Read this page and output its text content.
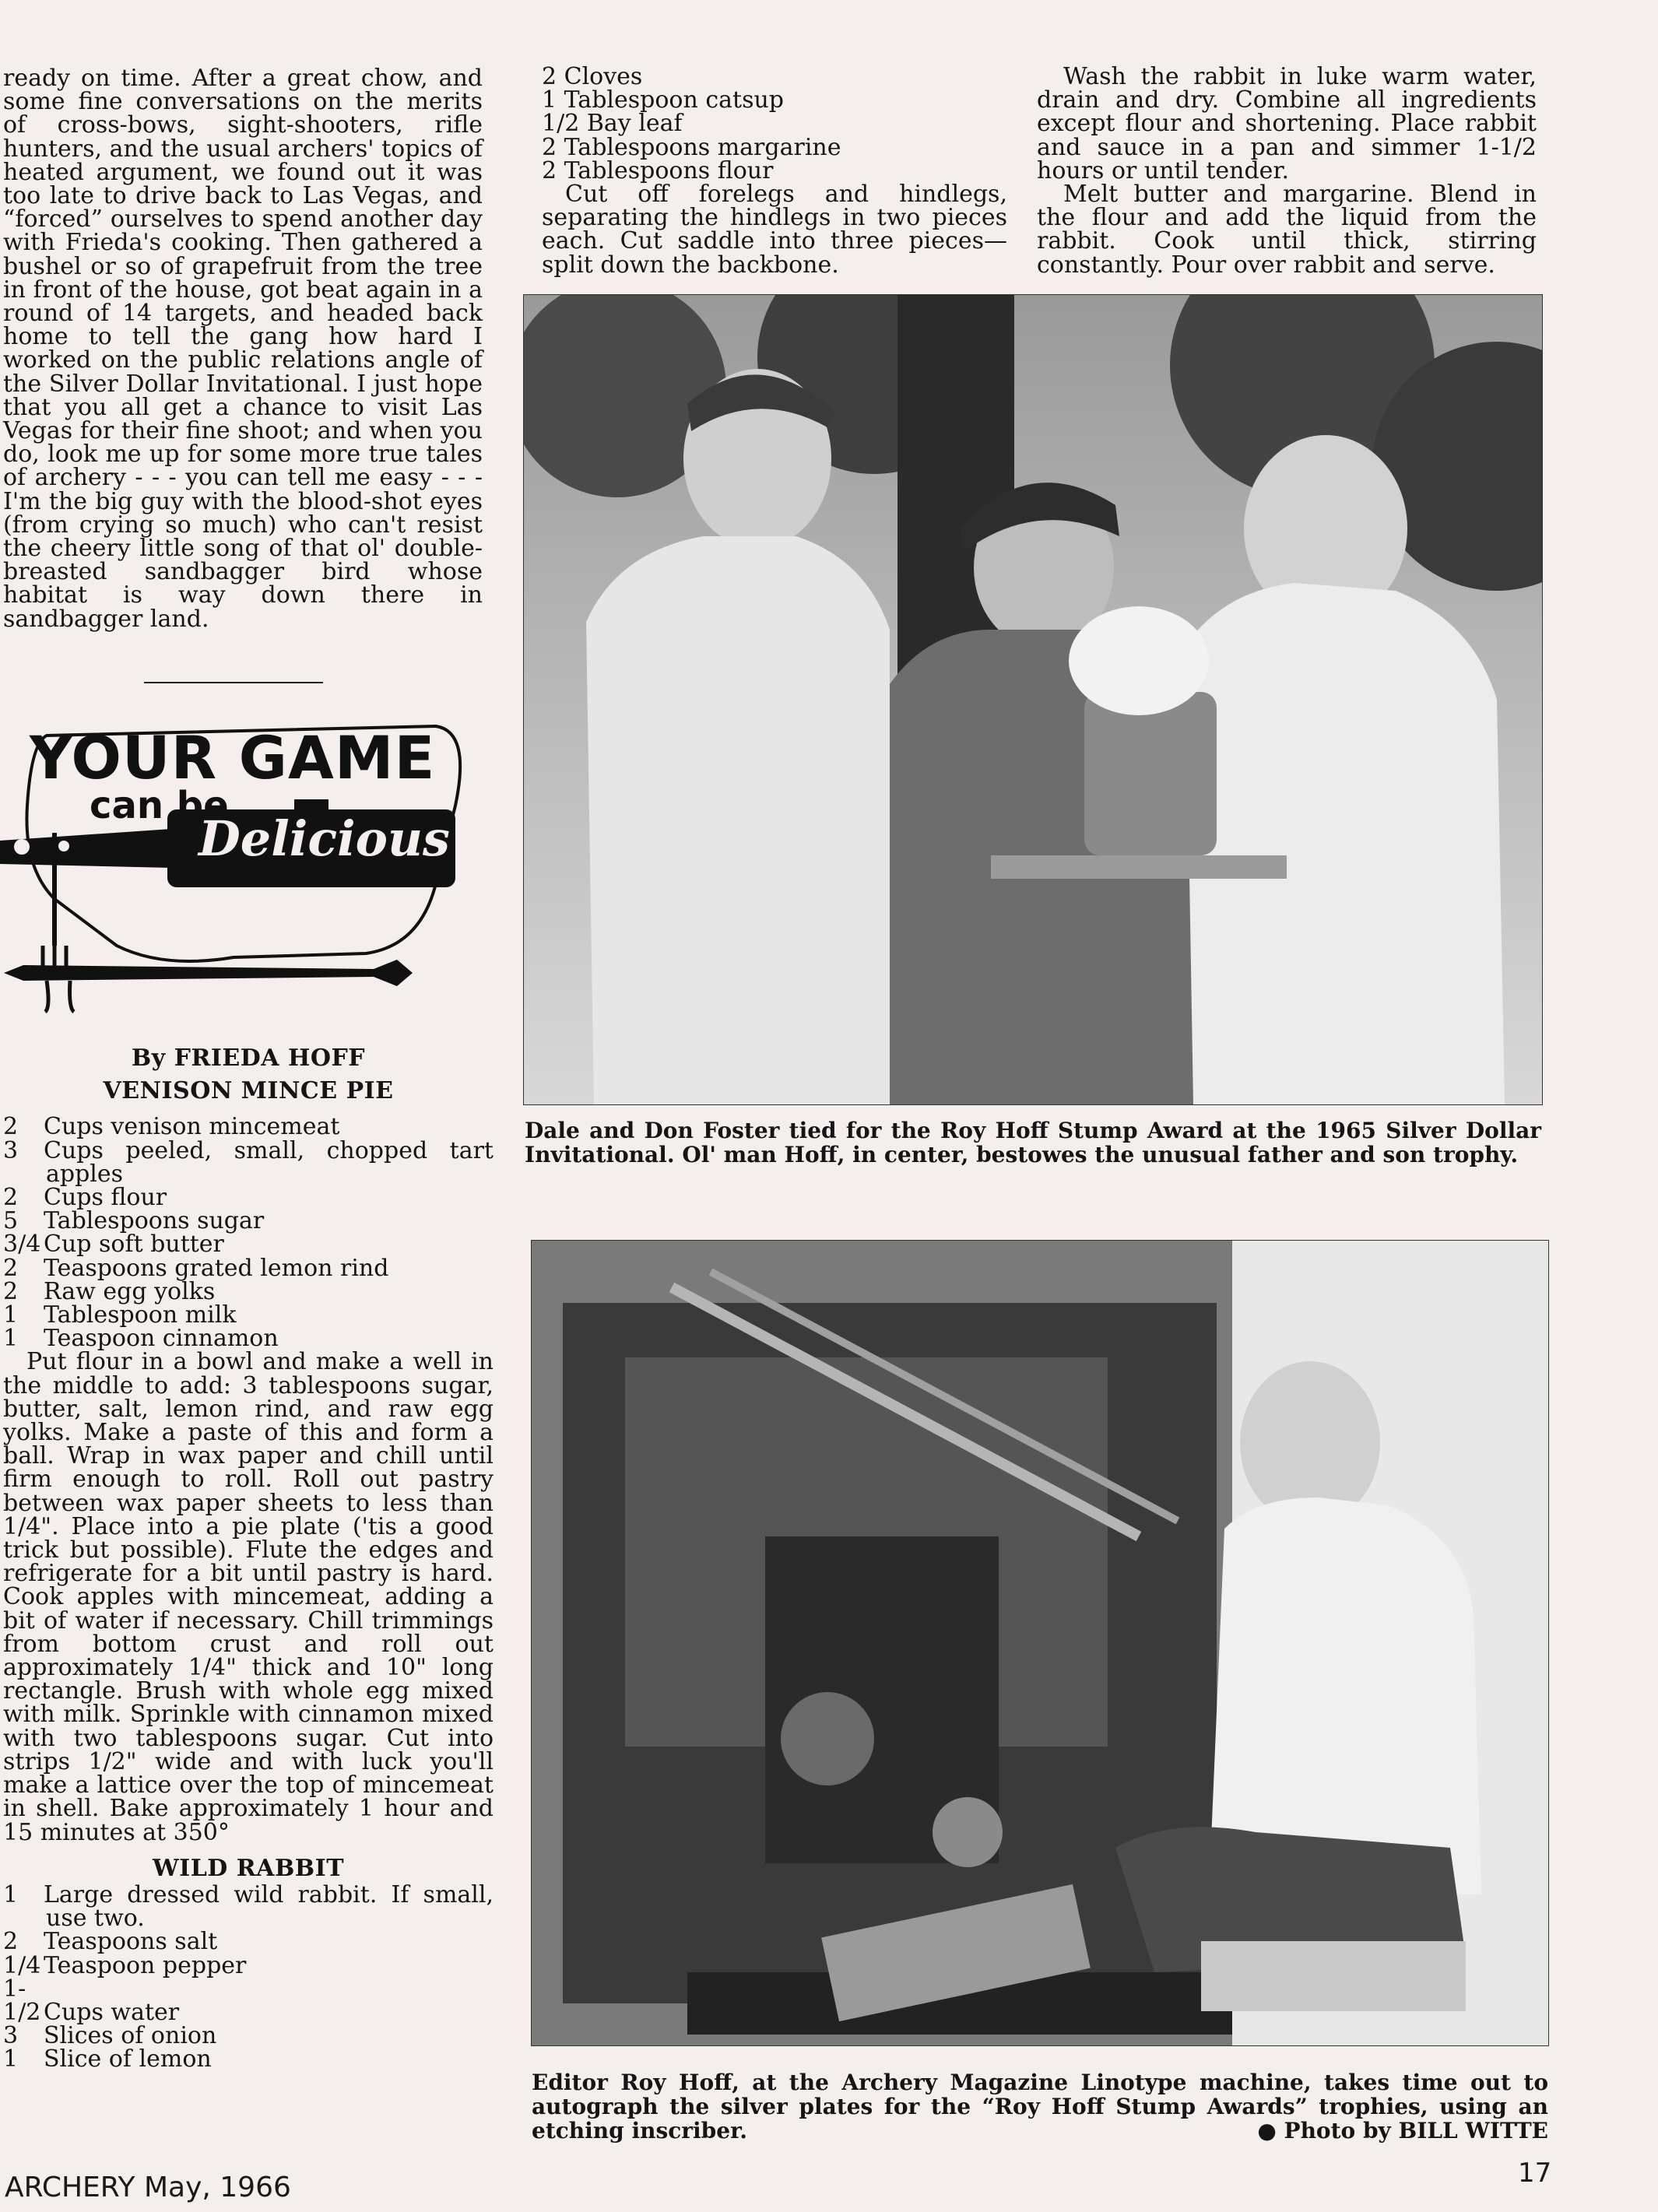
ready on time. After a great chow, and some fine conversations on the merits of cross-bows, sight-shooters, rifle hunters, and the usual archers' topics of heated argument, we found out it was too late to drive back to Las Vegas, and “forced” ourselves to spend another day with Frieda's cooking. Then gathered a bushel or so of grapefruit from the tree in front of the house, got beat again in a round of 14 targets, and headed back home to tell the gang how hard I worked on the public relations angle of the Silver Dollar Invitational. I just hope that you all get a chance to visit Las Vegas for their fine shoot; and when you do, look me up for some more true tales of archery - - - you can tell me easy - - - I'm the big guy with the blood-shot eyes (from crying so much) who can't resist the cheery little song of that ol' double-breasted sandbagger bird whose habitat is way down there in sandbagger land.

YOUR GAME
can be
Delicious
By FRIEDA HOFF
VENISON MINCE PIE
2 Cups venison mincemeat
3 Cups peeled, small, chopped tart apples
2 Cups flour
5 Tablespoons sugar
3/4 Cup soft butter
2 Teaspoons grated lemon rind
2 Raw egg yolks
1 Tablespoon milk
1 Teaspoon cinnamon

Put flour in a bowl and make a well in the middle to add: 3 tablespoons sugar, butter, salt, lemon rind, and raw egg yolks. Make a paste of this and form a ball. Wrap in wax paper and chill until firm enough to roll. Roll out pastry between wax paper sheets to less than 1/4". Place into a pie plate ('tis a good trick but possible). Flute the edges and refrigerate for a bit until pastry is hard. Cook apples with mincemeat, adding a bit of water if necessary. Chill trimmings from bottom crust and roll out approximately 1/4" thick and 10" long rectangle. Brush with whole egg mixed with milk. Sprinkle with cinnamon mixed with two tablespoons sugar. Cut into strips 1/2" wide and with luck you'll make a lattice over the top of mincemeat in shell. Bake approximately 1 hour and 15 minutes at 350°

WILD RABBIT
1 Large dressed wild rabbit. If small, use two.
2 Teaspoons salt
1/4 Teaspoon pepper
1-1/2 Cups water
3 Slices of onion
1 Slice of lemon
2 Cloves
1 Tablespoon catsup
1/2 Bay leaf
2 Tablespoons margarine
2 Tablespoons flour

Cut off forelegs and hindlegs, separating the hindlegs in two pieces each. Cut saddle into three pieces—split down the backbone.

Wash the rabbit in luke warm water, drain and dry. Combine all ingredients except flour and shortening. Place rabbit and sauce in a pan and simmer 1-1/2 hours or until tender.

Melt butter and margarine. Blend in the flour and add the liquid from the rabbit. Cook until thick, stirring constantly. Pour over rabbit and serve.

Dale and Don Foster tied for the Roy Hoff Stump Award at the 1965 Silver Dollar Invitational. Ol' man Hoff, in center, bestowes the unusual father and son trophy.
Editor Roy Hoff, at the Archery Magazine Linotype machine, takes time out to autograph the silver plates for the “Roy Hoff Stump Awards” trophies, using an etching inscriber.	● Photo by BILL WITTE
ARCHERY May, 1966	17
